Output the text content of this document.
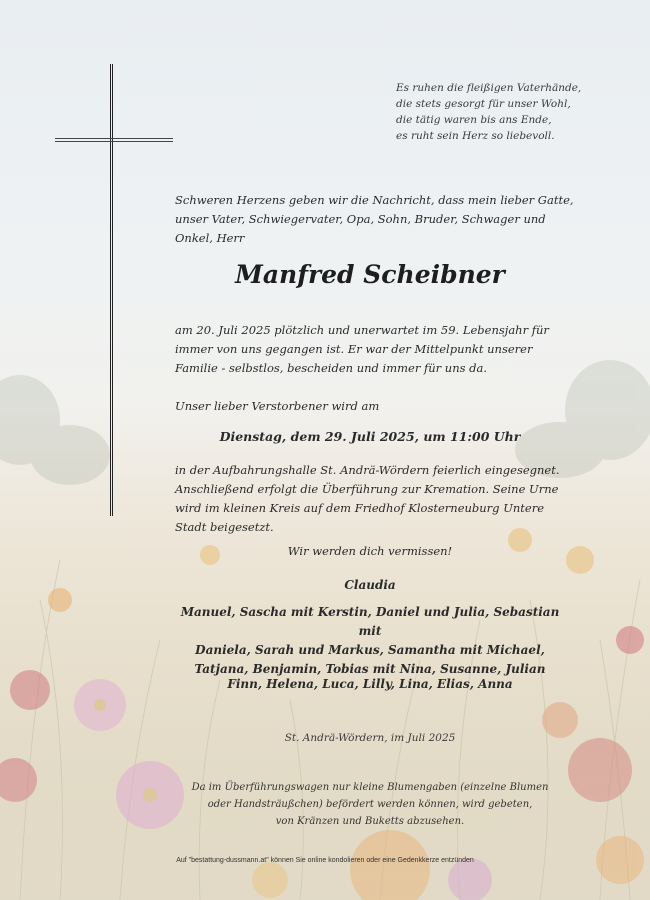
Es ruhen die fleißigen Vaterhände,
die stets gesorgt für unser Wohl,
die tätig waren bis ans Ende,
es ruht sein Herz so liebevoll.
Schweren Herzens geben wir die Nachricht, dass mein lieber Gatte, unser Vater, Schwiegervater, Opa, Sohn, Bruder, Schwager und Onkel, Herr
Manfred Scheibner
am 20. Juli 2025 plötzlich und unerwartet im 59. Lebensjahr für immer von uns gegangen ist. Er war der Mittelpunkt unserer Familie - selbstlos, bescheiden und immer für uns da.
Unser lieber Verstorbener wird am
Dienstag, dem 29. Juli 2025, um 11:00 Uhr
in der Aufbahrungshalle St. Andrä-Wördern feierlich eingesegnet. Anschließend erfolgt die Überführung zur Kremation. Seine Urne wird im kleinen Kreis auf dem Friedhof Klosterneuburg Untere Stadt beigesetzt.
Wir werden dich vermissen!
Claudia
Manuel, Sascha mit Kerstin, Daniel und Julia, Sebastian mit
Daniela, Sarah und Markus, Samantha mit Michael,
Tatjana, Benjamin, Tobias mit Nina, Susanne, Julian
Finn, Helena, Luca, Lilly, Lina, Elias, Anna
St. Andrä-Wördern, im Juli 2025
Da im Überführungswagen nur kleine Blumengaben (einzelne Blumen
oder Handsträußchen) befördert werden können, wird gebeten,
von Kränzen und Buketts abzusehen.
Auf "bestattung-dussmann.at" können Sie online kondolieren oder eine Gedenkkerze entzünden
